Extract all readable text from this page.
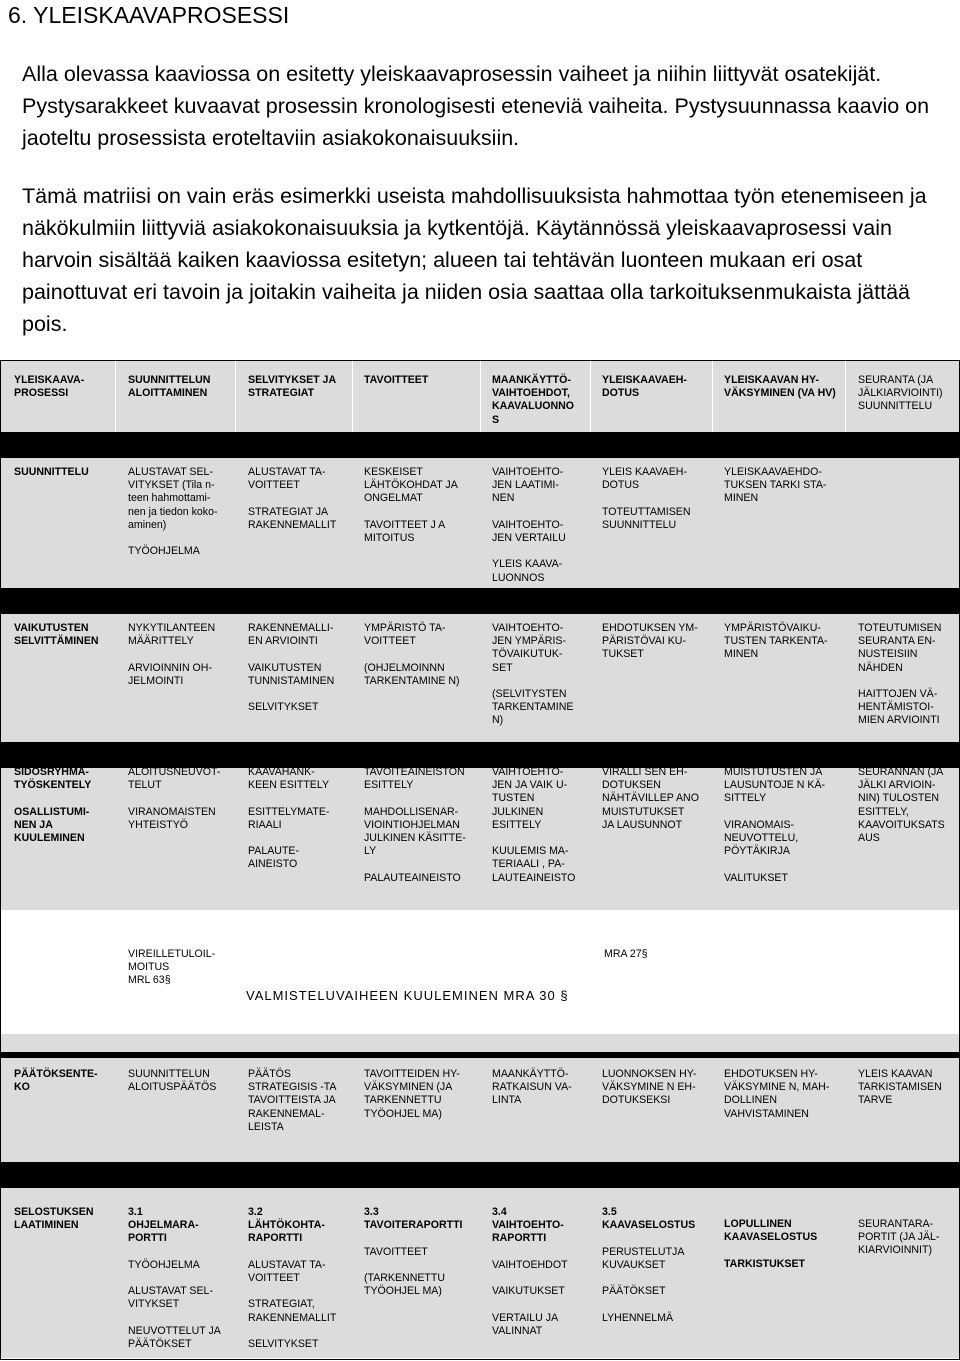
6. YLEISKAAVAPROSESSI

Alla olevassa kaaviossa on esitetty yleiskaavaprosessin vaiheet ja niihin liittyvät osatekijät. Pystysarakkeet kuvaavat prosessin kronologisesti eteneviä vaiheita. Pystysuunnassa kaavio on jaoteltu prosessista eroteltaviin asiakokonaisuuksiin.

Tämä matriisi on vain eräs esimerkki useista mahdollisuuksista hahmottaa työn etenemiseen ja näkökulmiin liittyviä asiakokonaisuuksia ja kytkentöjä. Käytännössä yleiskaavaprosessi vain harvoin sisältää kaiken kaaviossa esitetyn; alueen tai tehtävän luonteen mukaan eri osat painottuvat eri tavoin ja joitakin vaiheita ja niiden osia saattaa olla tarkoituksenmukaista jättää pois.

YLEISKAAVA-
PROSESSI
SUUNNITTELUN
ALOITTAMINEN
SELVITYKSET JA
STRATEGIAT
TAVOITTEET	MAANKÄYTTÖ-
VAIHTOEHDOT,
KAAVALUONNO
S
YLEISKAAVAEH-
DOTUS
YLEISKAAVAN HY-
VÄKSYMINEN (VA HV)
SEURANTA (JA
JÄLKIARVIOINTI)
SUUNNITTELU
SUUNNITTELU	ALUSTAVAT SEL-
VITYKSET (Tila n-
teen hahmottami-
nen ja tiedon koko-
aminen)

TYÖOHJELMA
ALUSTAVAT TA-
VOITTEET

STRATEGIAT JA
RAKENNEMALLIT
KESKEISET
LÄHTÖKOHDAT JA
ONGELMAT

TAVOITTEET J A
MITOITUS
VAIHTOEHTO-
JEN LAATIMI-
NEN

VAIHTOEHTO-
JEN VERTAILU

YLEIS KAAVA-
LUONNOS
YLEIS KAAVAEH-
DOTUS

TOTEUTTAMISEN
SUUNNITTELU
YLEISKAAVAEHDO-
TUKSEN TARKI STA-
MINEN
VAIKUTUSTEN
SELVITTÄMINEN
NYKYTILANTEEN
MÄÄRITTELY

ARVIOINNIN OH-
JELMOINTI
RAKENNEMALLI-
EN ARVIOINTI

VAIKUTUSTEN
TUNNISTAMINEN

SELVITYKSET
YMPÄRISTÖ TA-
VOITTEET

(OHJELMOINNN
TARKENTAMINE N)
VAIHTOEHTO-
JEN YMPÄRIS-
TÖVAIKUTUK-
SET

(SELVITYSTEN
TARKENTAMINE
N)
EHDOTUKSEN YM-
PÄRISTÖVAI KU-
TUKSET
YMPÄRISTÖVAIKU-
TUSTEN TARKENTA-
MINEN
TOTEUTUMISEN
SEURANTA EN-
NUSTEISIIN
NÄHDEN

HAITTOJEN VÄ-
HENTÄMISTOI-
MIEN ARVIOINTI
SIDOSRYHMÄ-
TYÖSKENTELY

OSALLISTUMI-
NEN JA
KUULEMINEN
ALOITUSNEUVOT-
TELUT

VIRANOMAISTEN
YHTEISTYÖ
KAAVAHANK-
KEEN ESITTELY

ESITTELYMATE-
RIAALI

PALAUTE-
AINEISTO
TAVOITEAINEISTON
ESITTELY

MAHDOLLISENAR-
VIOINTIOHJELMAN
JULKINEN KÄSITTE-
LY

PALAUTEAINEISTO
VAIHTOEHTO-
JEN JA VAIK U-
TUSTEN
JULKINEN
ESITTELY

KUULEMIS MA-
TERIAALI , PA-
LAUTEAINEISTO
VIRALLI SEN EH-
DOTUKSEN
NÄHTÄVILLEP ANO
MUISTUTUKSET
JA LAUSUNNOT
MUISTUTUSTEN JA
LAUSUNTOJE N KÄ-
SITTELY

VIRANOMAIS-
NEUVOTTELU,
PÖYTÄKIRJA

VALITUKSET
SEURANNAN (JA
JÄLKI ARVIOIN-
NIN) TULOSTEN
ESITTELY,
KAAVOITUKSATS
AUS
VIREILLETULOIL-
MOITUS
MRL 63§
MRA 27§
VALMISTELUVAIHEEN KUULEMINEN MRA 30 §
PÄÄTÖKSENTE-
KO
SUUNNITTELUN
ALOITUSPÄÄTÖS
PÄÄTÖS
STRATEGISIS -TA
TAVOITTEISTA JA
RAKENNEMAL-
LEISTA
TAVOITTEIDEN HY-
VÄKSYMINEN (JA
TARKENNETTU
TYÖOHJEL MA)
MAANKÄYTTÖ-
RATKAISUN VA-
LINTA
LUONNOKSEN HY-
VÄKSYMINE N EH-
DOTUKSEKSI
EHDOTUKSEN HY-
VÄKSYMINE N, MAH-
DOLLINEN
VAHVISTAMINEN
YLEIS KAAVAN
TARKISTAMISEN
TARVE
SELOSTUKSEN
LAATIMINEN
3.1
OHJELMARA-
PORTTI

TYÖOHJELMA

ALUSTAVAT SEL-
VITYKSET

NEUVOTTELUT JA
PÄÄTÖKSET
3.2
LÄHTÖKOHTA-
RAPORTTI

ALUSTAVAT TA-
VOITTEET

STRATEGIAT,
RAKENNEMALLIT

SELVITYKSET
3.3
TAVOITERAPORTTI

TAVOITTEET

(TARKENNETTU
TYÖOHJEL MA)
3.4
VAIHTOEHTO-
RAPORTTI

VAIHTOEHDOT

VAIKUTUKSET

VERTAILU JA
VALINNAT
3.5
KAAVASELOSTUS

PERUSTELUTJA
KUVAUKSET

PÄÄTÖKSET

LYHENNELMÄ
LOPULLINEN
KAAVASELOSTUS

TARKISTUKSET
SEURANTARA-
PORTIT (JA JÄL-
KIARVIOINNIT)
